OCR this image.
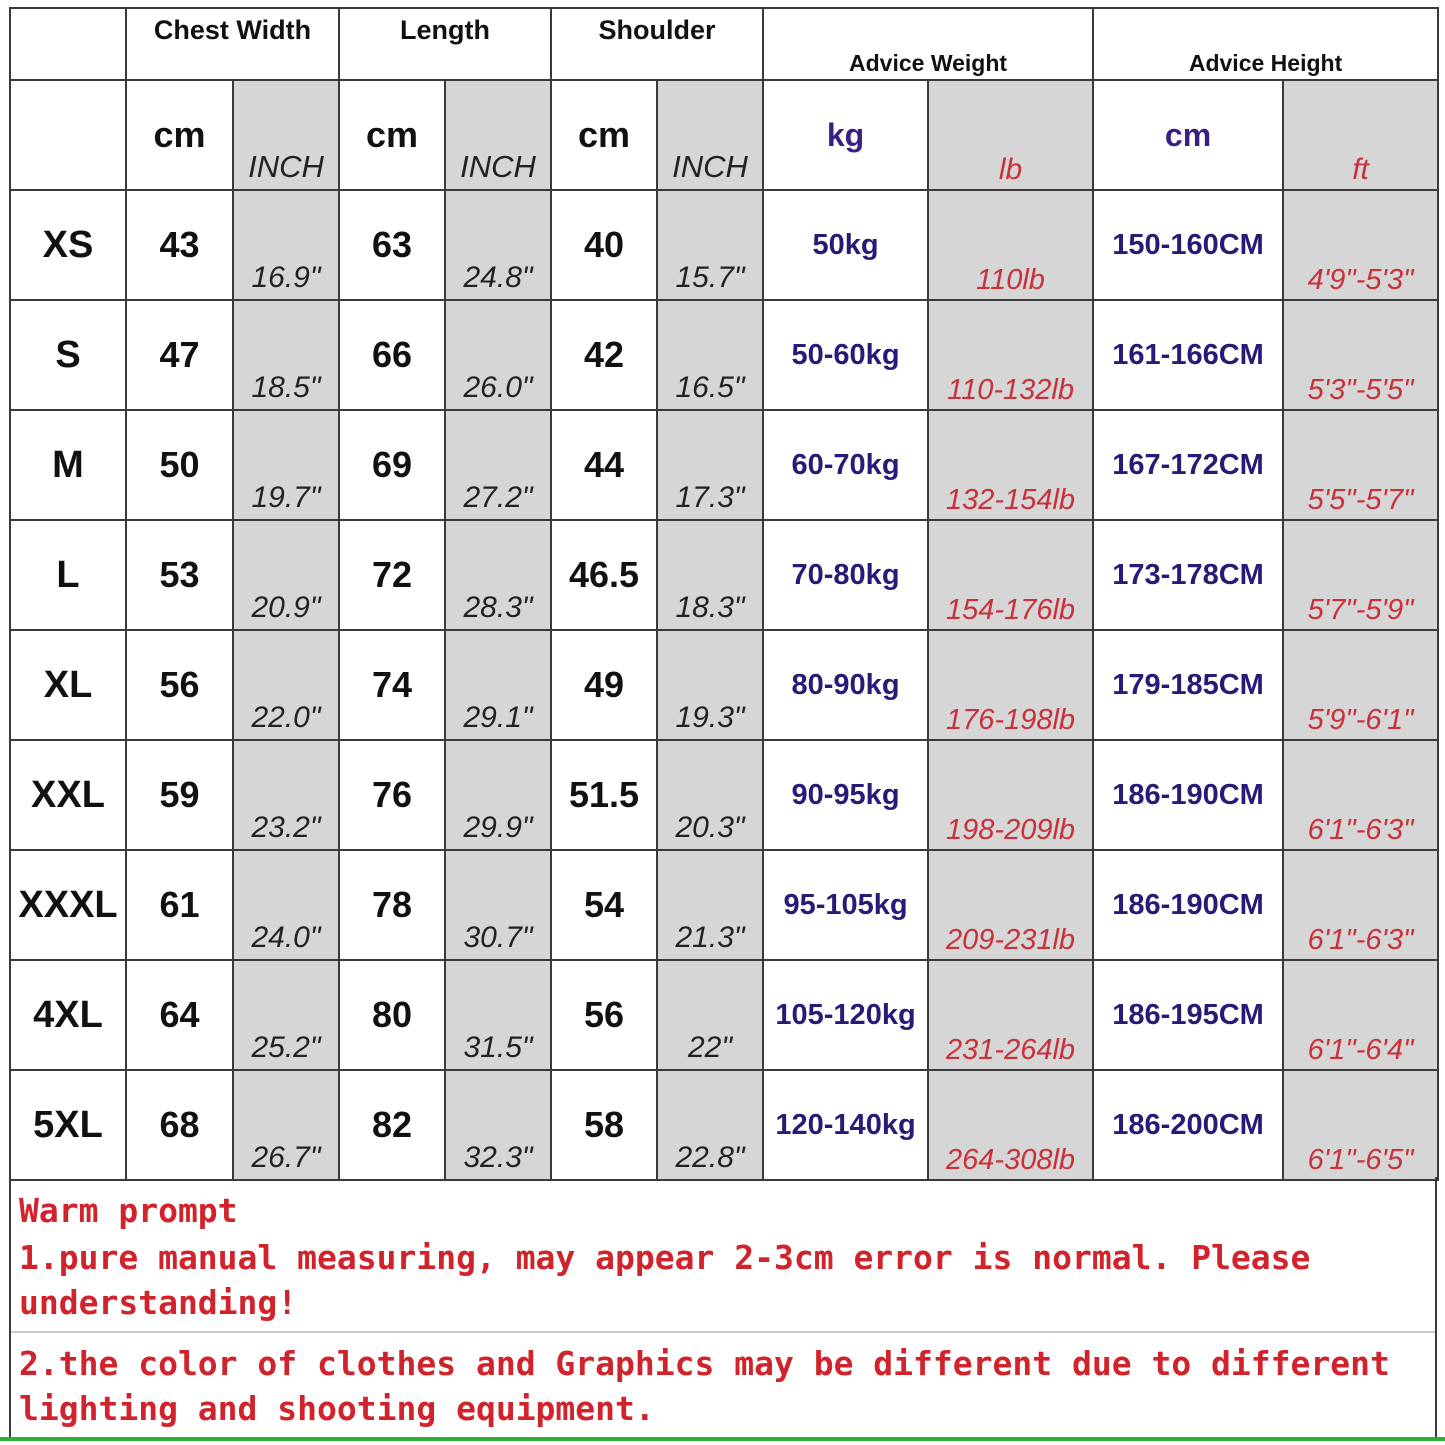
	Chest Width		Length		Shoulder		Advice Weight		Advice Height	
	cm	INCH	cm	INCH	cm	INCH	kg	lb	cm	ft
XS	43	16.9"	63	24.8"	40	15.7"	50kg	110lb	150-160CM	4'9"-5'3"
S	47	18.5"	66	26.0"	42	16.5"	50-60kg	110-132lb	161-166CM	5'3"-5'5"
M	50	19.7"	69	27.2"	44	17.3"	60-70kg	132-154lb	167-172CM	5'5"-5'7"
L	53	20.9"	72	28.3"	46.5	18.3"	70-80kg	154-176lb	173-178CM	5'7"-5'9"
XL	56	22.0"	74	29.1"	49	19.3"	80-90kg	176-198lb	179-185CM	5'9"-6'1"
XXL	59	23.2"	76	29.9"	51.5	20.3"	90-95kg	198-209lb	186-190CM	6'1"-6'3"
XXXL	61	24.0"	78	30.7"	54	21.3"	95-105kg	209-231lb	186-190CM	6'1"-6'3"
4XL	64	25.2"	80	31.5"	56	22"	105-120kg	231-264lb	186-195CM	6'1"-6'4"
5XL	68	26.7"	82	32.3"	58	22.8"	120-140kg	264-308lb	186-200CM	6'1"-6'5"
Warm prompt
1.pure manual measuring, may appear 2-3cm error is normal. Please understanding!
2.the color of clothes and Graphics may be different due to different lighting and shooting equipment.
